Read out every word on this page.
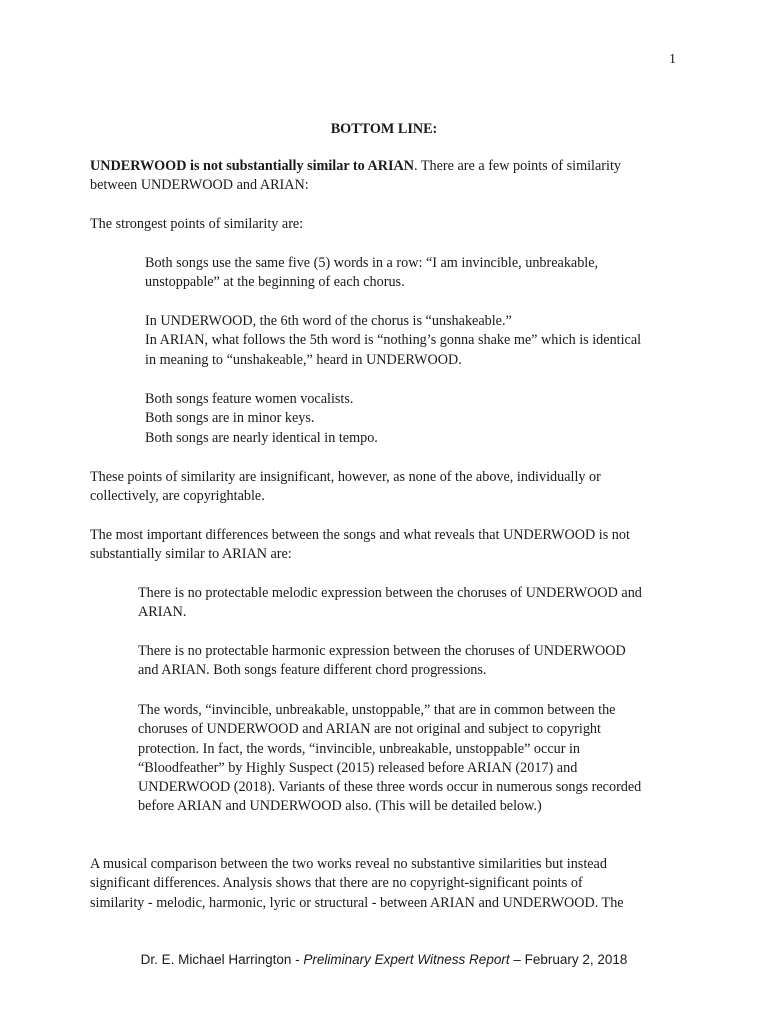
1
BOTTOM LINE:
UNDERWOOD is not substantially similar to ARIAN. There are a few points of similarity
between UNDERWOOD and ARIAN:
The strongest points of similarity are:
Both songs use the same five (5) words in a row: “I am invincible, unbreakable,
unstoppable” at the beginning of each chorus.
In UNDERWOOD, the 6th word of the chorus is “unshakeable.”
In ARIAN, what follows the 5th word is “nothing’s gonna shake me” which is identical
in meaning to “unshakeable,” heard in UNDERWOOD.
Both songs feature women vocalists.
Both songs are in minor keys.
Both songs are nearly identical in tempo.
These points of similarity are insignificant, however, as none of the above, individually or
collectively, are copyrightable.
The most important differences between the songs and what reveals that UNDERWOOD is not
substantially similar to ARIAN are:
There is no protectable melodic expression between the choruses of UNDERWOOD and
ARIAN.
There is no protectable harmonic expression between the choruses of UNDERWOOD
and ARIAN. Both songs feature different chord progressions.
The words, “invincible, unbreakable, unstoppable,” that are in common between the
choruses of UNDERWOOD and ARIAN are not original and subject to copyright
protection. In fact, the words, “invincible, unbreakable, unstoppable” occur in
“Bloodfeather” by Highly Suspect (2015) released before ARIAN (2017) and
UNDERWOOD (2018). Variants of these three words occur in numerous songs recorded
before ARIAN and UNDERWOOD also. (This will be detailed below.)
A musical comparison between the two works reveal no substantive similarities but instead
significant differences. Analysis shows that there are no copyright-significant points of
similarity - melodic, harmonic, lyric or structural - between ARIAN and UNDERWOOD. The
Dr. E. Michael Harrington - Preliminary Expert Witness Report – February 2, 2018
